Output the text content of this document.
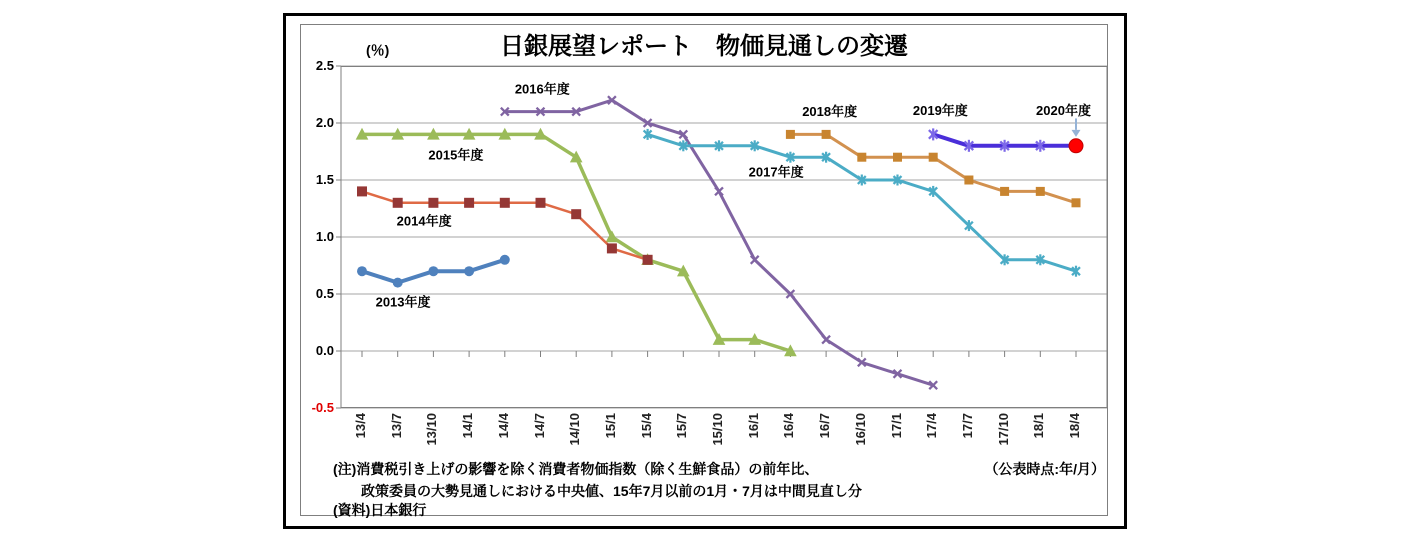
日銀展望レポート　物価見通しの変遷
(％)
2013年度
2014年度
2015年度
2016年度
2017年度
2018年度	2019年度	2020年度
2.5
2.0
1.5
1.0
0.5
0.0
-0.5
13/4 13/7 13/10 14/1 14/4 14/7 14/10 15/1 15/4 15/7 15/10 16/1 16/4 16/7 16/10 17/1 17/4 17/7 17/10 18/1 18/4
(注)消費税引き上げの影響を除く消費者物価指数（除く生鮮食品）の前年比、
政策委員の大勢見通しにおける中央値、15年7月以前の1月・7月は中間見直し分
(資料)日本銀行
（公表時点:年/月）
